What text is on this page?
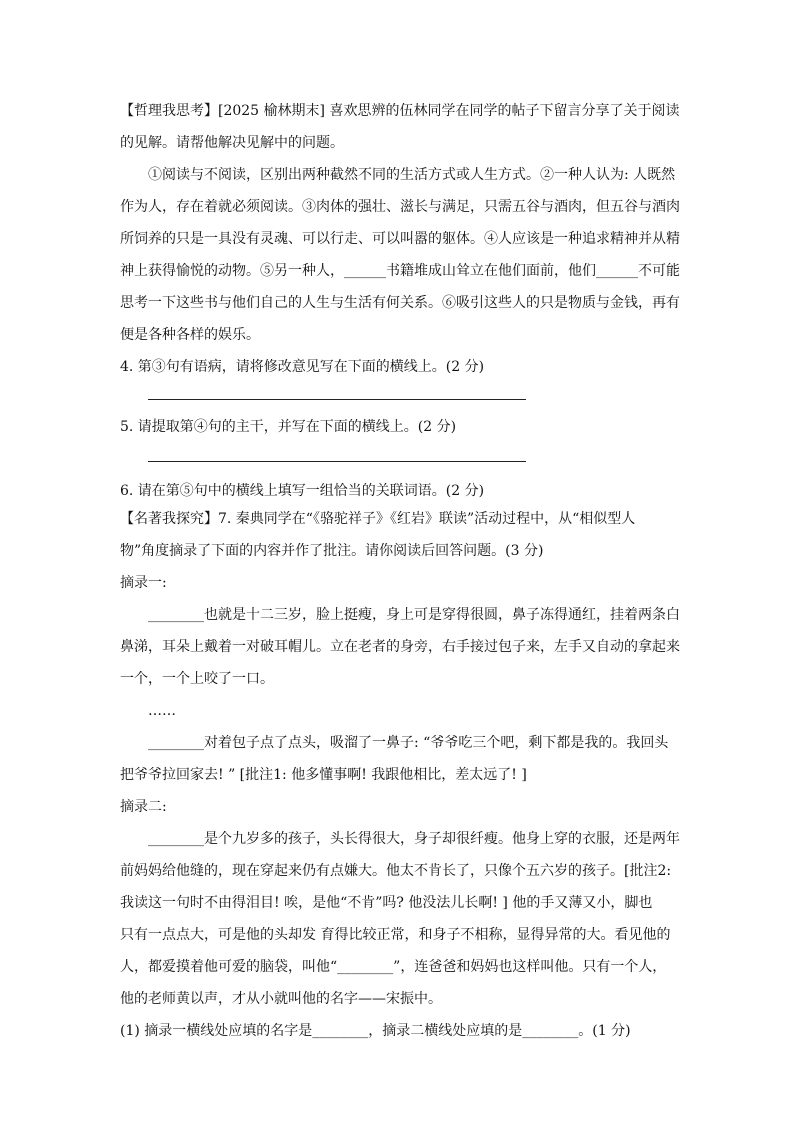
【哲理我思考】[2025 榆林期末] 喜欢思辨的伍林同学在同学的帖子下留言分享了关于阅读
的见解。请帮他解决见解中的问题。
①阅读与不阅读，区别出两种截然不同的生活方式或人生方式。②一种人认为: 人既然
作为人，存在着就必须阅读。③肉体的强壮、滋长与满足，只需五谷与酒肉，但五谷与酒肉
所饲养的只是一具没有灵魂、可以行走、可以叫嚣的躯体。④人应该是一种追求精神并从精
神上获得愉悦的动物。⑤另一种人，______书籍堆成山耸立在他们面前，他们______不可能
思考一下这些书与他们自己的人生与生活有何关系。⑥吸引这些人的只是物质与金钱，再有
便是各种各样的娱乐。
4. 第③句有语病，请将修改意见写在下面的横线上。(2 分)
5. 请提取第④句的主干，并写在下面的横线上。(2 分)
6. 请在第⑤句中的横线上填写一组恰当的关联词语。(2 分)
【名著我探究】7. 秦典同学在“《骆驼祥子》《红岩》联读”活动过程中，从“相似型人
物”角度摘录了下面的内容并作了批注。请你阅读后回答问题。(3 分)
摘录一:
________也就是十二三岁，脸上挺瘦，身上可是穿得很圆，鼻子冻得通红，挂着两条白
鼻涕，耳朵上戴着一对破耳帽儿。立在老者的身旁，右手接过包子来，左手又自动的拿起来
一个，一个上咬了一口。
……
________对着包子点了点头，吸溜了一鼻子: “爷爷吃三个吧，剩下都是我的。我回头
把爷爷拉回家去! ” [批注1: 他多懂事啊! 我跟他相比，差太远了! ]
摘录二:
________是个九岁多的孩子，头长得很大，身子却很纤瘦。他身上穿的衣服，还是两年
前妈妈给他缝的，现在穿起来仍有点嫌大。他太不肯长了，只像个五六岁的孩子。[批注2:
我读这一句时不由得泪目! 唉，是他“不肯”吗? 他没法儿长啊! ] 他的手又薄又小，脚也
只有一点点大，可是他的头却发 育得比较正常，和身子不相称，显得异常的大。看见他的
人，都爱摸着他可爱的脑袋，叫他“________”，连爸爸和妈妈也这样叫他。只有一个人，
他的老师黄以声，才从小就叫他的名字——宋振中。
(1) 摘录一横线处应填的名字是________，摘录二横线处应填的是________。(1 分)
